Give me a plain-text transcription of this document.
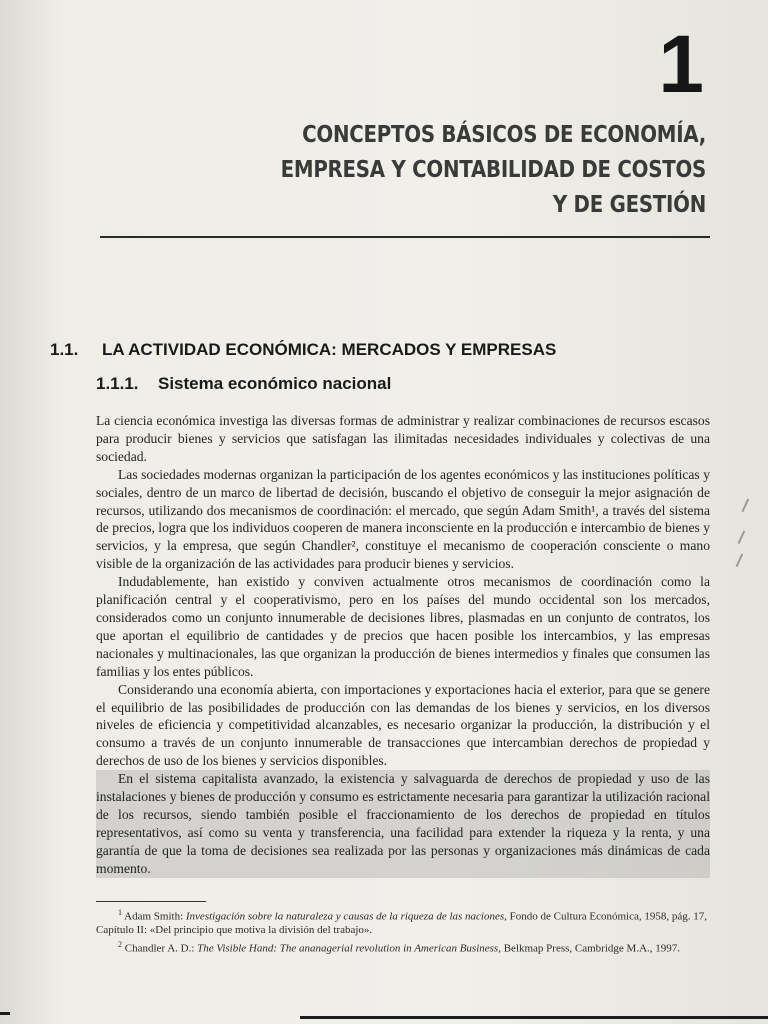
1
CONCEPTOS BÁSICOS DE ECONOMÍA,
EMPRESA Y CONTABILIDAD DE COSTOS
Y DE GESTIÓN
1.1. LA ACTIVIDAD ECONÓMICA: MERCADOS Y EMPRESAS
1.1.1. Sistema económico nacional

La ciencia económica investiga las diversas formas de administrar y realizar combinaciones de recursos escasos para producir bienes y servicios que satisfagan las ilimitadas necesidades individuales y colectivas de una sociedad.

Las sociedades modernas organizan la participación de los agentes económicos y las instituciones políticas y sociales, dentro de un marco de libertad de decisión, buscando el objetivo de conseguir la mejor asignación de recursos, utilizando dos mecanismos de coordinación: el mercado, que según Adam Smith¹, a través del sistema de precios, logra que los individuos cooperen de manera inconsciente en la producción e intercambio de bienes y servicios, y la empresa, que según Chandler², constituye el mecanismo de cooperación consciente o mano visible de la organización de las actividades para producir bienes y servicios.

Indudablemente, han existido y conviven actualmente otros mecanismos de coordinación como la planificación central y el cooperativismo, pero en los países del mundo occidental son los mercados, considerados como un conjunto innumerable de decisiones libres, plasmadas en un conjunto de contratos, los que aportan el equilibrio de cantidades y de precios que hacen posible los intercambios, y las empresas nacionales y multinacionales, las que organizan la producción de bienes intermedios y finales que consumen las familias y los entes públicos.

Considerando una economía abierta, con importaciones y exportaciones hacia el exterior, para que se genere el equilibrio de las posibilidades de producción con las demandas de los bienes y servicios, en los diversos niveles de eficiencia y competitividad alcanzables, es necesario organizar la producción, la distribución y el consumo a través de un conjunto innumerable de transacciones que intercambian derechos de propiedad y derechos de uso de los bienes y servicios disponibles.

En el sistema capitalista avanzado, la existencia y salvaguarda de derechos de propiedad y uso de las instalaciones y bienes de producción y consumo es estrictamente necesaria para garantizar la utilización racional de los recursos, siendo también posible el fraccionamiento de los derechos de propiedad en títulos representativos, así como su venta y transferencia, una facilidad para extender la riqueza y la renta, y una garantía de que la toma de decisiones sea realizada por las personas y organizaciones más dinámicas de cada momento.

$^1$ Adam Smith: Investigación sobre la naturaleza y causas de la riqueza de las naciones, Fondo de Cultura Económica, 1958, pág. 17, Capítulo II: «Del principio que motiva la división del trabajo».

$^2$ Chandler A. D.: The Visible Hand: The ananagerial revolution in American Business, Belkmap Press, Cambridge M.A., 1997.
